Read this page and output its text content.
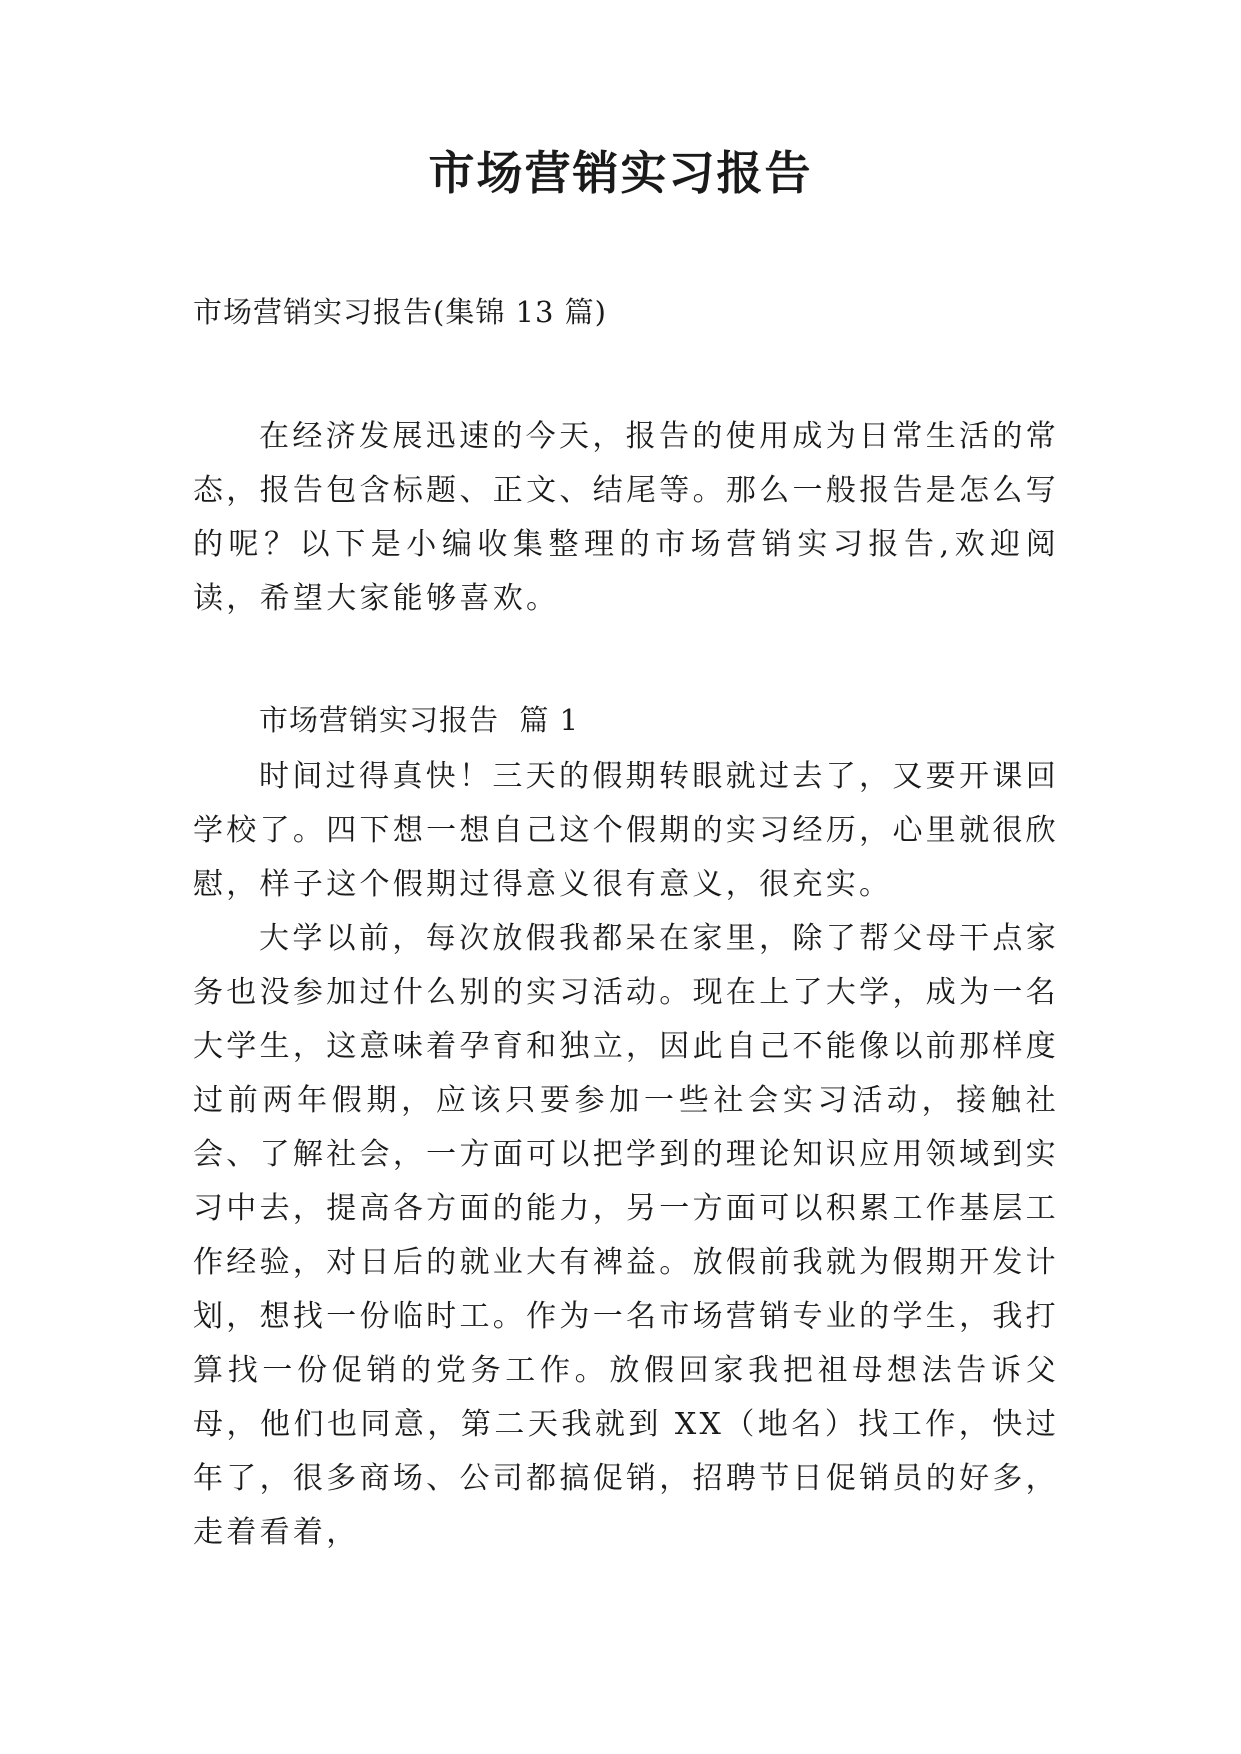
市场营销实习报告
市场营销实习报告(集锦 13 篇)

在经济发展迅速的今天，报告的使用成为日常生活的常态，报告包含标题、正文、结尾等。那么一般报告是怎么写的呢？以下是小编收集整理的市场营销实习报告,欢迎阅读，希望大家能够喜欢。

市场营销实习报告  篇 1

时间过得真快！三天的假期转眼就过去了，又要开课回学校了。四下想一想自己这个假期的实习经历，心里就很欣慰，样子这个假期过得意义很有意义，很充实。

大学以前，每次放假我都呆在家里，除了帮父母干点家务也没参加过什么别的实习活动。现在上了大学，成为一名大学生，这意味着孕育和独立，因此自己不能像以前那样度过前两年假期，应该只要参加一些社会实习活动，接触社会、了解社会，一方面可以把学到的理论知识应用领域到实习中去，提高各方面的能力，另一方面可以积累工作基层工作经验，对日后的就业大有裨益。放假前我就为假期开发计划，想找一份临时工。作为一名市场营销专业的学生，我打算找一份促销的党务工作。放假回家我把祖母想法告诉父母，他们也同意，第二天我就到 XX（地名）找工作，快过年了，很多商场、公司都搞促销，招聘节日促销员的好多，走着看着，
